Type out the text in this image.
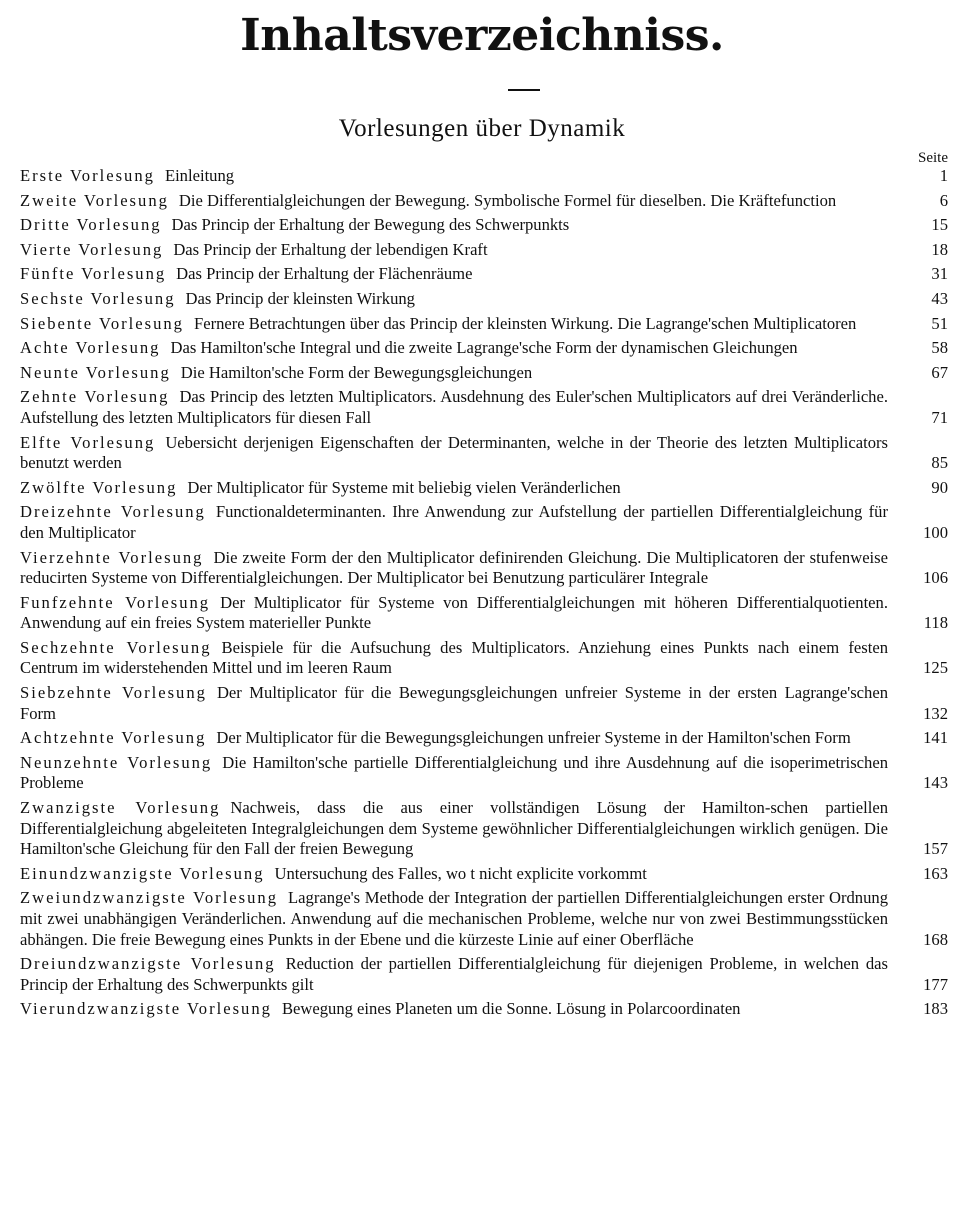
Inhaltsverzeichniss.
Vorlesungen über Dynamik
Seite
Erste Vorlesung Einleitung	1
Zweite Vorlesung Die Differentialgleichungen der Bewegung. Symbolische Formel für dieselben. Die Kräftefunction	6
Dritte Vorlesung Das Princip der Erhaltung der Bewegung des Schwerpunkts	15
Vierte Vorlesung Das Princip der Erhaltung der lebendigen Kraft	18
Fünfte Vorlesung Das Princip der Erhaltung der Flächenräume	31
Sechste Vorlesung Das Princip der kleinsten Wirkung	43
Siebente Vorlesung Fernere Betrachtungen über das Princip der kleinsten Wirkung. Die Lagrange'schen Multiplicatoren	51
Achte Vorlesung Das Hamilton'sche Integral und die zweite Lagrange'sche Form der dynamischen Gleichungen	58
Neunte Vorlesung Die Hamilton'sche Form der Bewegungsgleichungen	67
Zehnte Vorlesung Das Princip des letzten Multiplicators. Ausdehnung des Euler'schen Multiplicators auf drei Veränderliche. Aufstellung des letzten Multiplicators für diesen Fall	71
Elfte Vorlesung Uebersicht derjenigen Eigenschaften der Determinanten, welche in der Theorie des letzten Multiplicators benutzt werden	85
Zwölfte Vorlesung Der Multiplicator für Systeme mit beliebig vielen Veränderlichen	90
Dreizehnte Vorlesung Functionaldeterminanten. Ihre Anwendung zur Aufstellung der partiellen Differentialgleichung für den Multiplicator	100
Vierzehnte Vorlesung Die zweite Form der den Multiplicator definirenden Gleichung. Die Multiplicatoren der stufenweise reducirten Systeme von Differentialgleichungen. Der Multiplicator bei Benutzung particulärer Integrale	106
Funfzehnte Vorlesung Der Multiplicator für Systeme von Differentialgleichungen mit höheren Differentialquotienten. Anwendung auf ein freies System materieller Punkte	118
Sechzehnte Vorlesung Beispiele für die Aufsuchung des Multiplicators. Anziehung eines Punkts nach einem festen Centrum im widerstehenden Mittel und im leeren Raum	125
Siebzehnte Vorlesung Der Multiplicator für die Bewegungsgleichungen unfreier Systeme in der ersten Lagrange'schen Form	132
Achtzehnte Vorlesung Der Multiplicator für die Bewegungsgleichungen unfreier Systeme in der Hamilton'schen Form	141
Neunzehnte Vorlesung Die Hamilton'sche partielle Differentialgleichung und ihre Ausdehnung auf die isoperimetrischen Probleme	143
Zwanzigste Vorlesung Nachweis, dass die aus einer vollständigen Lösung der Hamilton-schen partiellen Differentialgleichung abgeleiteten Integralgleichungen dem Systeme gewöhnlicher Differentialgleichungen wirklich genügen. Die Hamilton'sche Gleichung für den Fall der freien Bewegung	157
Einundzwanzigste Vorlesung Untersuchung des Falles, wo t nicht explicite vorkommt	163
Zweiundzwanzigste Vorlesung Lagrange's Methode der Integration der partiellen Differentialgleichungen erster Ordnung mit zwei unabhängigen Veränderlichen. Anwendung auf die mechanischen Probleme, welche nur von zwei Bestimmungsstücken abhängen. Die freie Bewegung eines Punkts in der Ebene und die kürzeste Linie auf einer Oberfläche	168
Dreiundzwanzigste Vorlesung Reduction der partiellen Differentialgleichung für diejenigen Probleme, in welchen das Princip der Erhaltung des Schwerpunkts gilt	177
Vierundzwanzigste Vorlesung Bewegung eines Planeten um die Sonne. Lösung in Polarcoordinaten	183
